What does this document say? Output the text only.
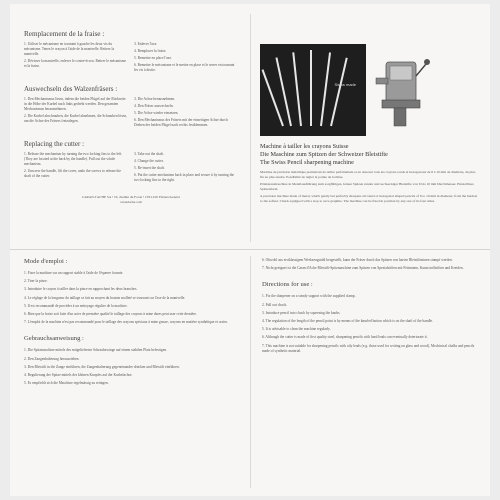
Remplacement de la fraise :

1. Utiliser le mécanisme en tournant à gauche les deux vis du mécanisme. Tenez le crayon à l'aide de la manivelle. Retirez la manivelle.

2. Dévisser la manivelle, enlever le contre-écrou. Retirer le mécanisme et la fraise.

3. Enlever l'axe.

4. Remplacer la fraise.

5. Remettre en place l'axe.

6. Remettre le mécanisme et le mettre en place et le serrer en tournant les vis à droite.

Auswechseln des Walzenfräsers :

1. Den Mechanismus lösen, indem die beiden Flügel auf der Rückseite in die Höhe der Kurbel nach links gedreht werden. Den gesamten Mechanismus herausnehmen.

2. Die Kurbel abschrauben, die Kurbel abnehmen, die Schrauben lösen, um die Achse des Fräsers freizulegen.

3. Die Achse herausnehmen.

4. Den Fräser auswechseln.

5. Die Achse wieder einsetzen.

6. Den Mechanismus des Fräsers mit der einseitigen Achse durch Drehen der beiden Flügel nach rechts festklemmen.

Replacing the cutter :

1. Release the mechanism by turning the two locking fins to the left. (They are located at the back by the handle). Pull out the whole mechanism.

2. Unscrew the handle, lift the cover, undo the screws to release the shaft of the cutter.

3. Take out the shaft.

4. Change the cutter.

5. Re-insert the shaft.

6. Put the cutter mechanism back in place and secure it by turning the two locking fins to the right.

CARAN d'ACHE SA • 19, chemin du Foron • CH-1226 Thônex/Genève
carandache.com
Swiss made
Machine à tailler les crayons Suisse
Die Maschine zum Spitzen der Schweizer Bleistifte
The Swiss Pencil sharpening machine
Machine de précision métallique permettant de tailler parfaitement et en douceur tous les crayons ronds et hexagonaux de 6 à 10 mm de diamètre, du plus fin au plus tendre. Possibilité de régler la pointe de la mine.
Präzisionsmaschine in Metallausführung zum sorgfältigen, feinen Spitzen runder und sechseckiger Bleistifte von 6 bis 10 mm Durchmesser. Einstellbare Spitzenform.
A precision machine made of metal, which gently but perfectly sharpens all round or hexagonal shaped pencils of 6 to 10 mm in diameter, from the hardest to the softest. Chuck equipped with a stop to save graphite. The machine can be fixed in position by any one of its four sides.
Mode d'emploi :

1. Fixer la machine sur un support stable à l'aide de l'équerre fournie.

2. Tirer la pince.

3. Introduire le crayon à tailler dans la pince en rapprochant les deux branches.

4. Le réglage de la longueur du taillage se fait au moyen du bouton molleté se trouvant sur l'axe de la manivelle.

5. Il est recommandé de procéder à un nettoyage régulier de la machine.

6. Bien que la fraise soit faite d'un acier de première qualité le taillage des crayons à mine dures peut user cette dernière.

7. L'emploi de la machine n'est pas recommandé pour le taillage des crayons spéciaux à mine grasse, crayons en matière synthétique et craies.

Gebrauchsanweisung :

1. Die Spitzmaschine mittels des mitgelieferten Schraubzwinge auf einem stabilen Platz befestigen.

2. Den Zangenhalterung herausziehen.

3. Den Bleistift in die Zange einführen, die Zangenhalterung gegeneinander drücken und Bleistift einführen.

4. Regulierung der Spitze mittels des kleinen Knopfes auf der Kurbelachse.

5. Es empfiehlt sich die Maschine regelmässig zu reinigen.

6. Obwohl aus erstklassigem Werkzeugstahl hergestellt, kann der Fräser durch das Spitzen von harten Bleistiftminen stumpf werden.

7. Nicht geeignet ist die Caran d'Ache Bleistift-Spitzmaschine zum Spitzen von Spezialstiften mit Fettminen, Kunststoffstiften und Kreiden.

Directions for use :

1. Fix the sharpener on a steady support with the supplied clamp.

2. Pull out chuck.

3. Introduce pencil into chuck by squeezing the knobs.

4. The regulation of the length of the pencil point is by means of the knurled button which is on the shaft of the handle.

5. It is advisable to clean the machine regularly.

6. Although the cutter is made of first quality steel, sharpening pencils with hard leads can eventually deteriorate it.

7. This machine is not suitable for sharpening pencils with oily leads (e.g. those used for writing on glass and wood), Mechinical chalks and pencils made of synthetic material.
